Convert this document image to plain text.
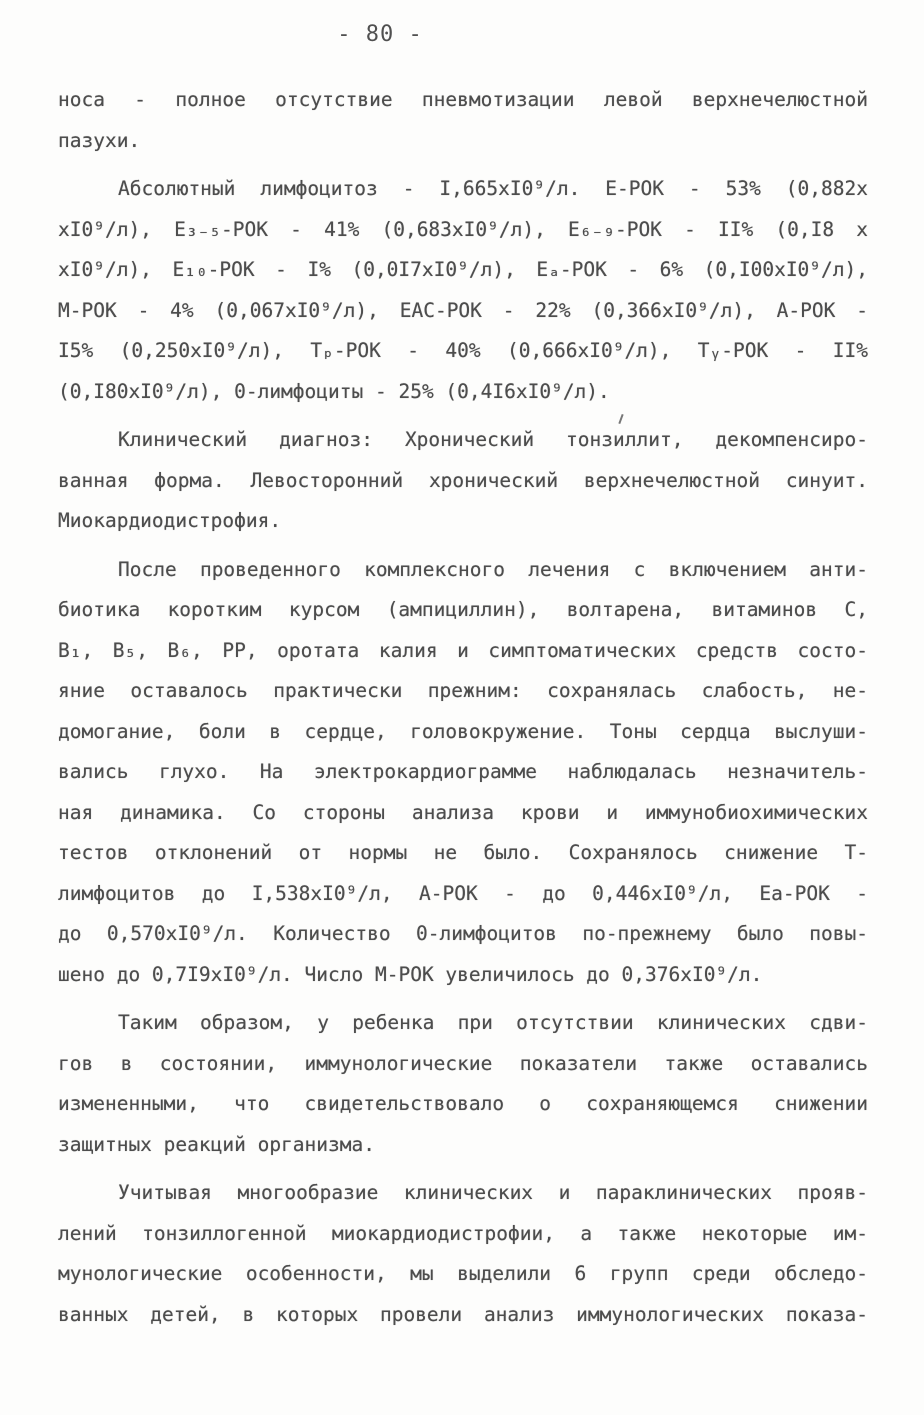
- 80 -
носа - полное отсутствие пневмотизации левой верхнечелюстной
пазухи.
Абсолютный лимфоцитоз - I,665xI0⁹/л. Е-РОК - 53% (0,882x
xI0⁹/л), Е₃₋₅-РОК - 41% (0,683xI0⁹/л), Е₆₋₉-РОК - II% (0,I8 x
xI0⁹/л), Е₁₀-РОК - I% (0,0I7xI0⁹/л), Еₐ-РОК - 6% (0,I00xI0⁹/л),
М-РОК - 4% (0,067xI0⁹/л), ЕАС-РОК - 22% (0,366xI0⁹/л), А-РОК -
I5% (0,250xI0⁹/л), Tₚ-РОК - 40% (0,666xI0⁹/л), Tᵧ-РОК - II%
(0,I80xI0⁹/л), 0-лимфоциты - 25% (0,4I6xI0⁹/л).
Клинический диагноз: Хронический тонзиллит, декомпенсиро-
ванная форма. Левосторонний хронический верхнечелюстной синуит.
Миокардиодистрофия.
После проведенного комплексного лечения с включением анти-
биотика коротким курсом (ампициллин), волтарена, витаминов С,
B₁, B₅, B₆, PP, оротата калия и симптоматических средств состо-
яние оставалось практически прежним: сохранялась слабость, не-
домогание, боли в сердце, головокружение. Тоны сердца выслуши-
вались глухо. На электрокардиограмме наблюдалась незначитель-
ная динамика. Со стороны анализа крови и иммунобиохимических
тестов отклонений от нормы не было. Сохранялось снижение Т-
лимфоцитов до I,538xI0⁹/л, А-РОК - до 0,446xI0⁹/л, Еа-РОК -
до 0,570xI0⁹/л. Количество 0-лимфоцитов по-прежнему было повы-
шено до 0,7I9xI0⁹/л. Число М-РОК увеличилось до 0,376xI0⁹/л.
Таким образом, у ребенка при отсутствии клинических сдви-
гов в состоянии, иммунологические показатели также оставались
измененными, что свидетельствовало о сохраняющемся снижении
защитных реакций организма.
Учитывая многообразие клинических и параклинических прояв-
лений тонзиллогенной миокардиодистрофии, а также некоторые им-
мунологические особенности, мы выделили 6 групп среди обследо-
ванных детей, в которых провели анализ иммунологических показа-
